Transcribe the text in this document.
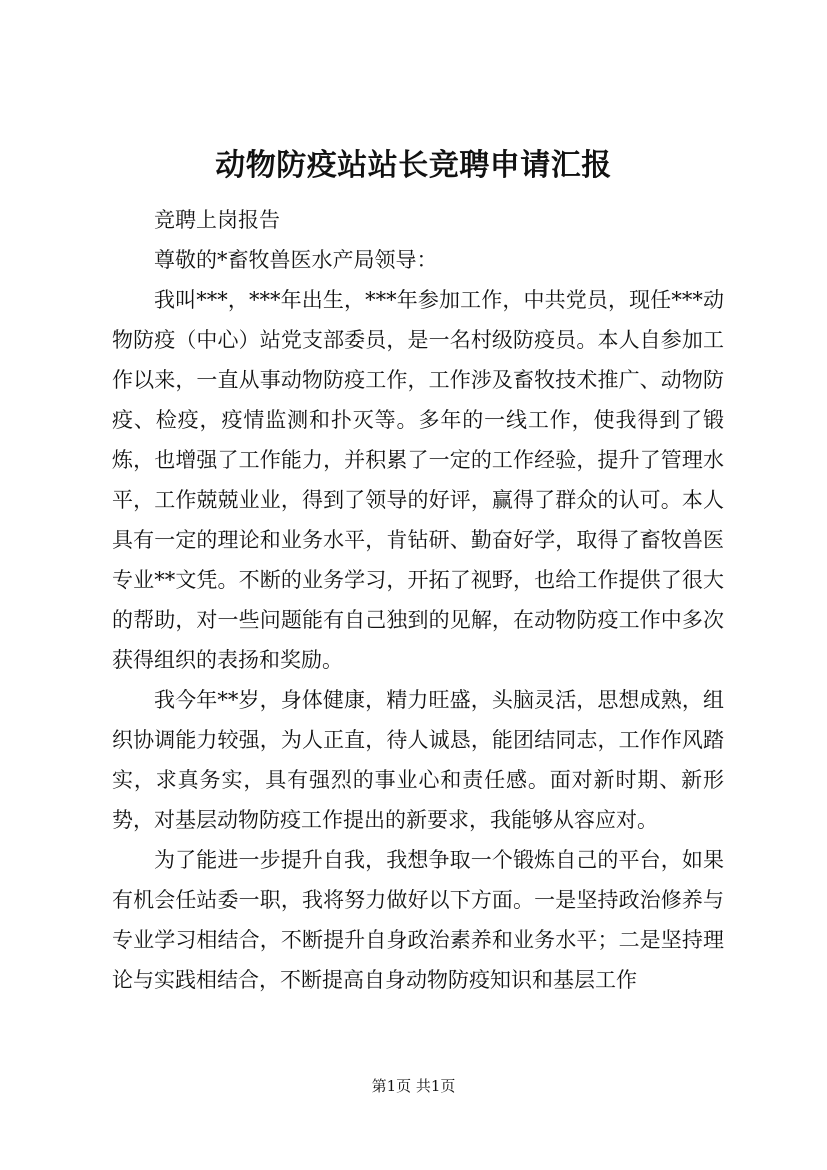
动物防疫站站长竞聘申请汇报

竞聘上岗报告

尊敬的*畜牧兽医水产局领导：

我叫***，***年出生，***年参加工作，中共党员，现任***动物防疫（中心）站党支部委员，是一名村级防疫员。本人自参加工作以来，一直从事动物防疫工作，工作涉及畜牧技术推广、动物防疫、检疫，疫情监测和扑灭等。多年的一线工作，使我得到了锻炼，也增强了工作能力，并积累了一定的工作经验，提升了管理水平，工作兢兢业业，得到了领导的好评，赢得了群众的认可。本人具有一定的理论和业务水平，肯钻研、勤奋好学，取得了畜牧兽医专业**文凭。不断的业务学习，开拓了视野，也给工作提供了很大的帮助，对一些问题能有自己独到的见解，在动物防疫工作中多次获得组织的表扬和奖励。

我今年**岁，身体健康，精力旺盛，头脑灵活，思想成熟，组织协调能力较强，为人正直，待人诚恳，能团结同志，工作作风踏实，求真务实，具有强烈的事业心和责任感。面对新时期、新形势，对基层动物防疫工作提出的新要求，我能够从容应对。

为了能进一步提升自我，我想争取一个锻炼自己的平台，如果有机会任站委一职，我将努力做好以下方面。一是坚持政治修养与专业学习相结合，不断提升自身政治素养和业务水平；二是坚持理论与实践相结合，不断提高自身动物防疫知识和基层工作

第1页 共1页
